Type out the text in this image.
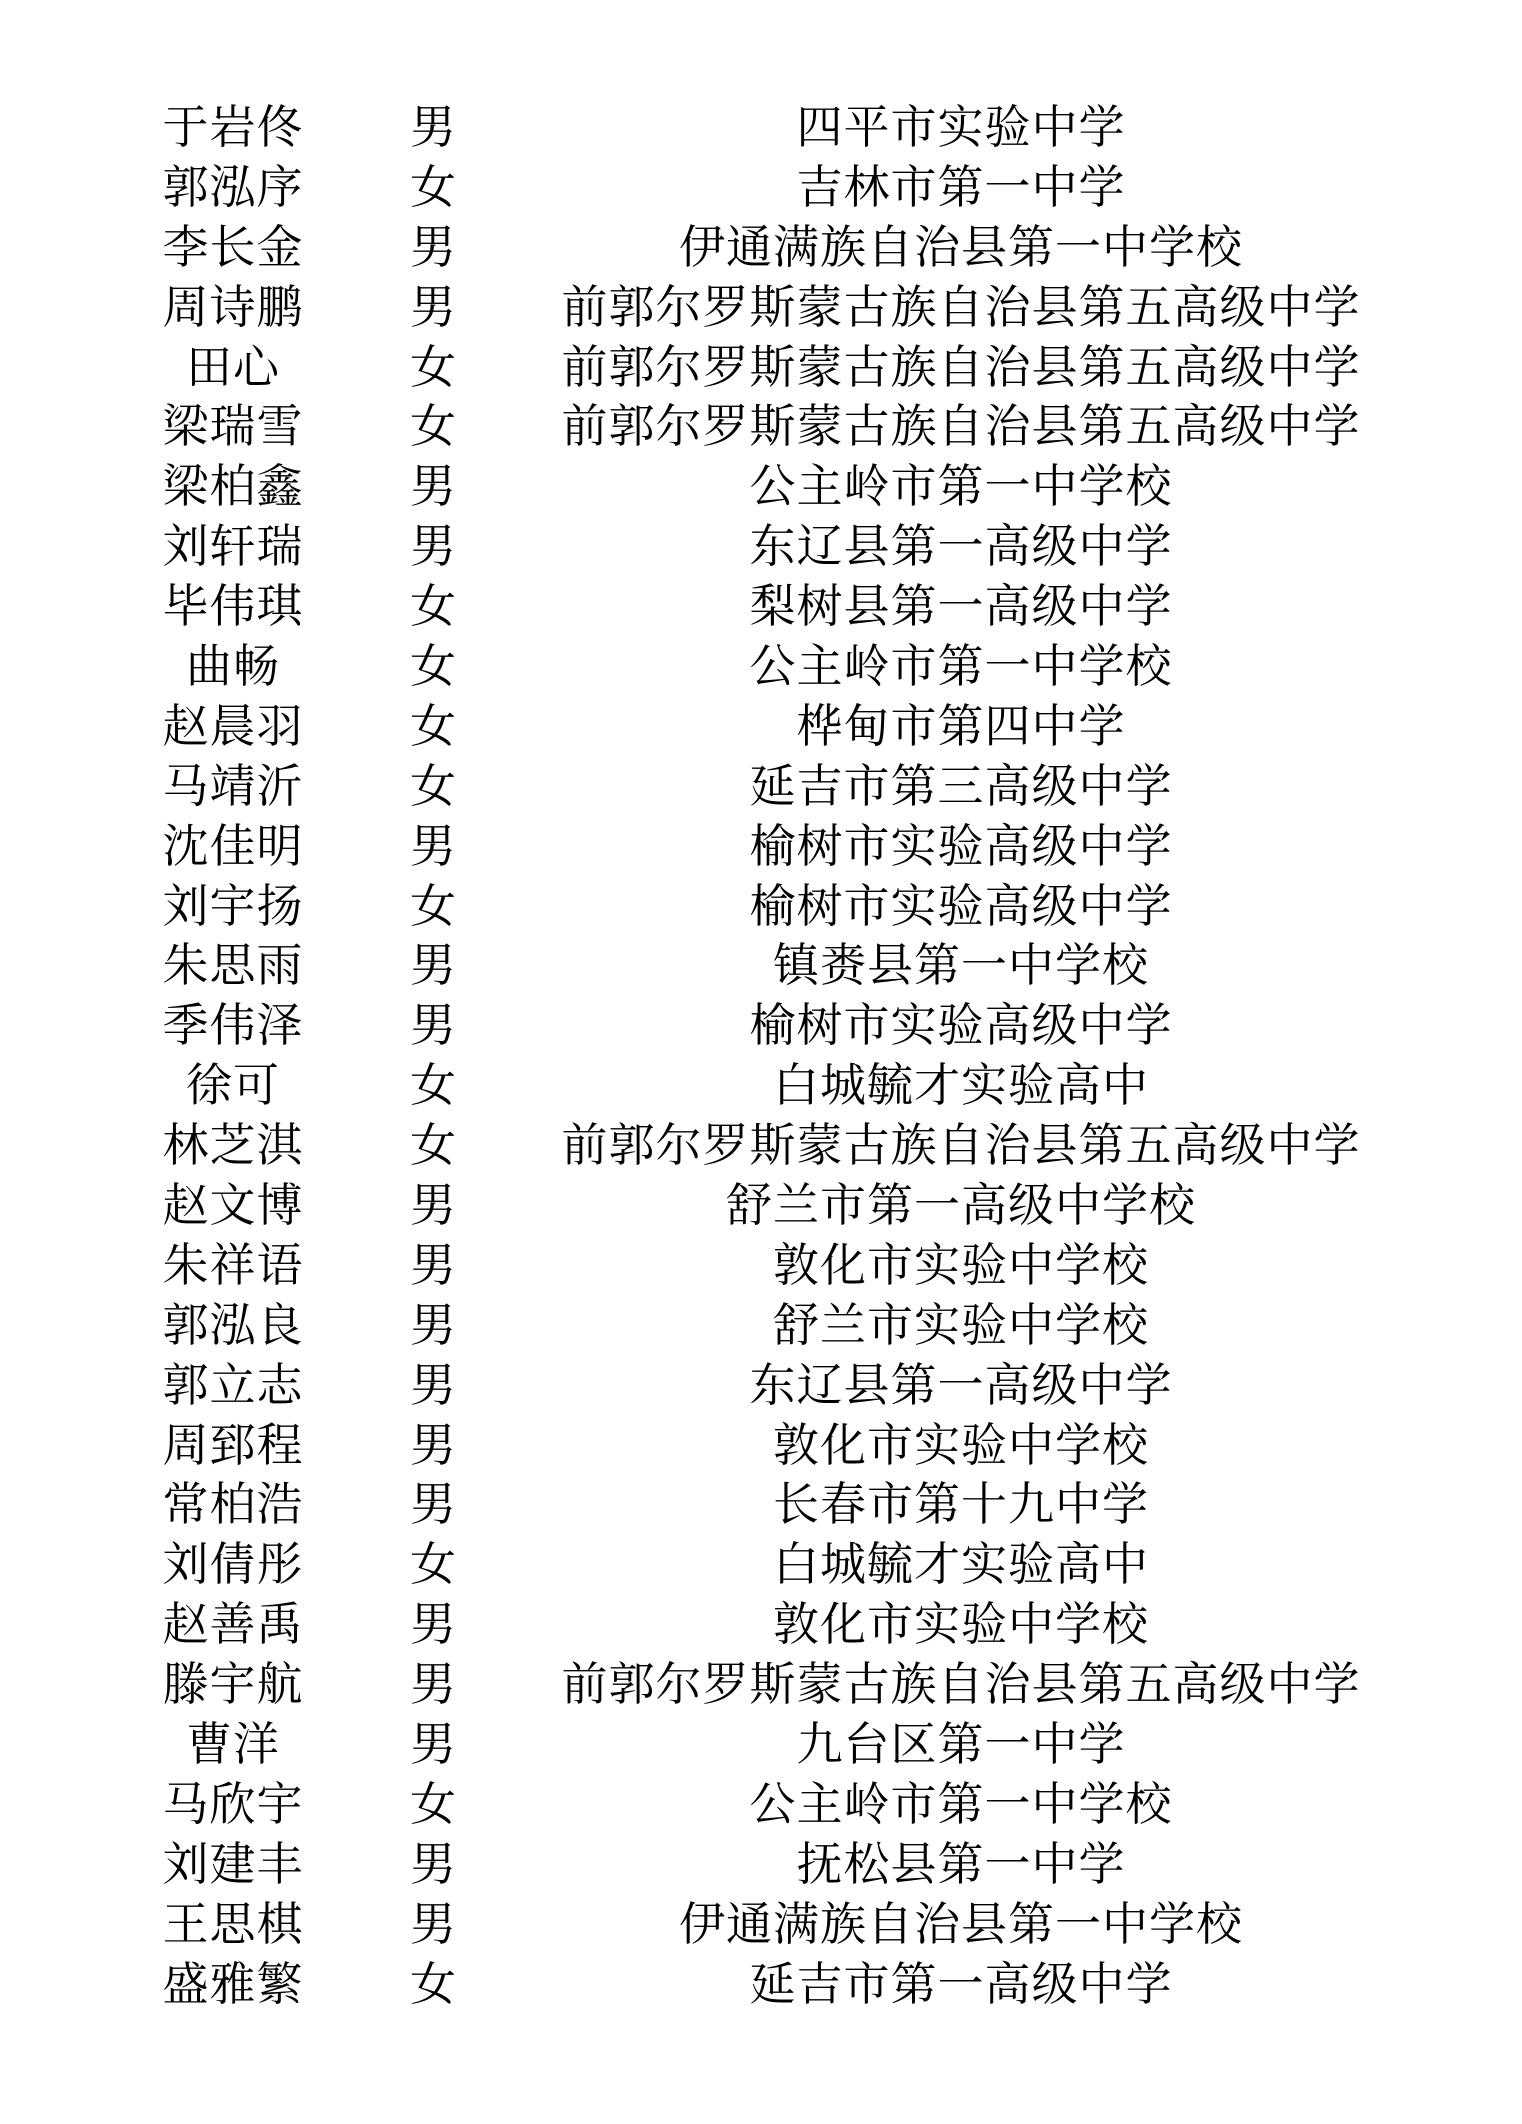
于岩佟 男	四平市实验中学
郭泓序 女	吉林市第一中学
李长金 男	伊通满族自治县第一中学校
周诗鹏 男	前郭尔罗斯蒙古族自治县第五高级中学
田心	女	前郭尔罗斯蒙古族自治县第五高级中学
梁瑞雪 女	前郭尔罗斯蒙古族自治县第五高级中学
梁柏鑫 男	公主岭市第一中学校
刘轩瑞 男	东辽县第一高级中学
毕伟琪 女	梨树县第一高级中学
曲畅	女	公主岭市第一中学校
赵晨羽 女	桦甸市第四中学
马靖沂 女	延吉市第三高级中学
沈佳明 男	榆树市实验高级中学
刘宇扬 女	榆树市实验高级中学
朱思雨 男	镇赉县第一中学校
季伟泽 男	榆树市实验高级中学
徐可	女	白城毓才实验高中
林芝淇 女	前郭尔罗斯蒙古族自治县第五高级中学
赵文博 男	舒兰市第一高级中学校
朱祥语 男	敦化市实验中学校
郭泓良 男	舒兰市实验中学校
郭立志 男	东辽县第一高级中学
周郅程 男	敦化市实验中学校
常柏浩 男	长春市第十九中学
刘倩彤 女	白城毓才实验高中
赵善禹 男	敦化市实验中学校
滕宇航 男	前郭尔罗斯蒙古族自治县第五高级中学
曹洋	男	九台区第一中学
马欣宇 女	公主岭市第一中学校
刘建丰 男	抚松县第一中学
王思棋 男	伊通满族自治县第一中学校
盛雅繁 女	延吉市第一高级中学
